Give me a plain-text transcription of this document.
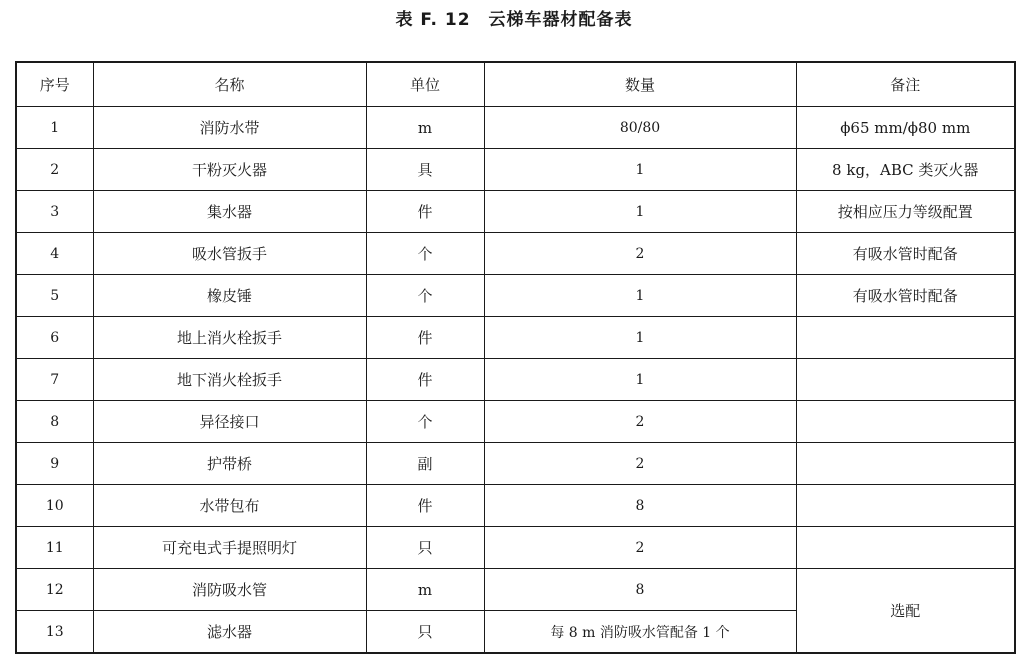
表 F. 12 云梯车器材配备表
序号	名称	单位	数量	备注
1	消防水带	m	80/80	ϕ65 mm/ϕ80 mm
2	干粉灭火器	具	1	8 kg，ABC 类灭火器
3	集水器	件	1	按相应压力等级配置
4	吸水管扳手	个	2	有吸水管时配备
5	橡皮锤	个	1	有吸水管时配备
6	地上消火栓扳手	件	1	
7	地下消火栓扳手	件	1	
8	异径接口	个	2	
9	护带桥	副	2	
10	水带包布	件	8	
11	可充电式手提照明灯	只	2	
12	消防吸水管	m	8	选配
13	滤水器	只	每 8 m 消防吸水管配备 1 个	
